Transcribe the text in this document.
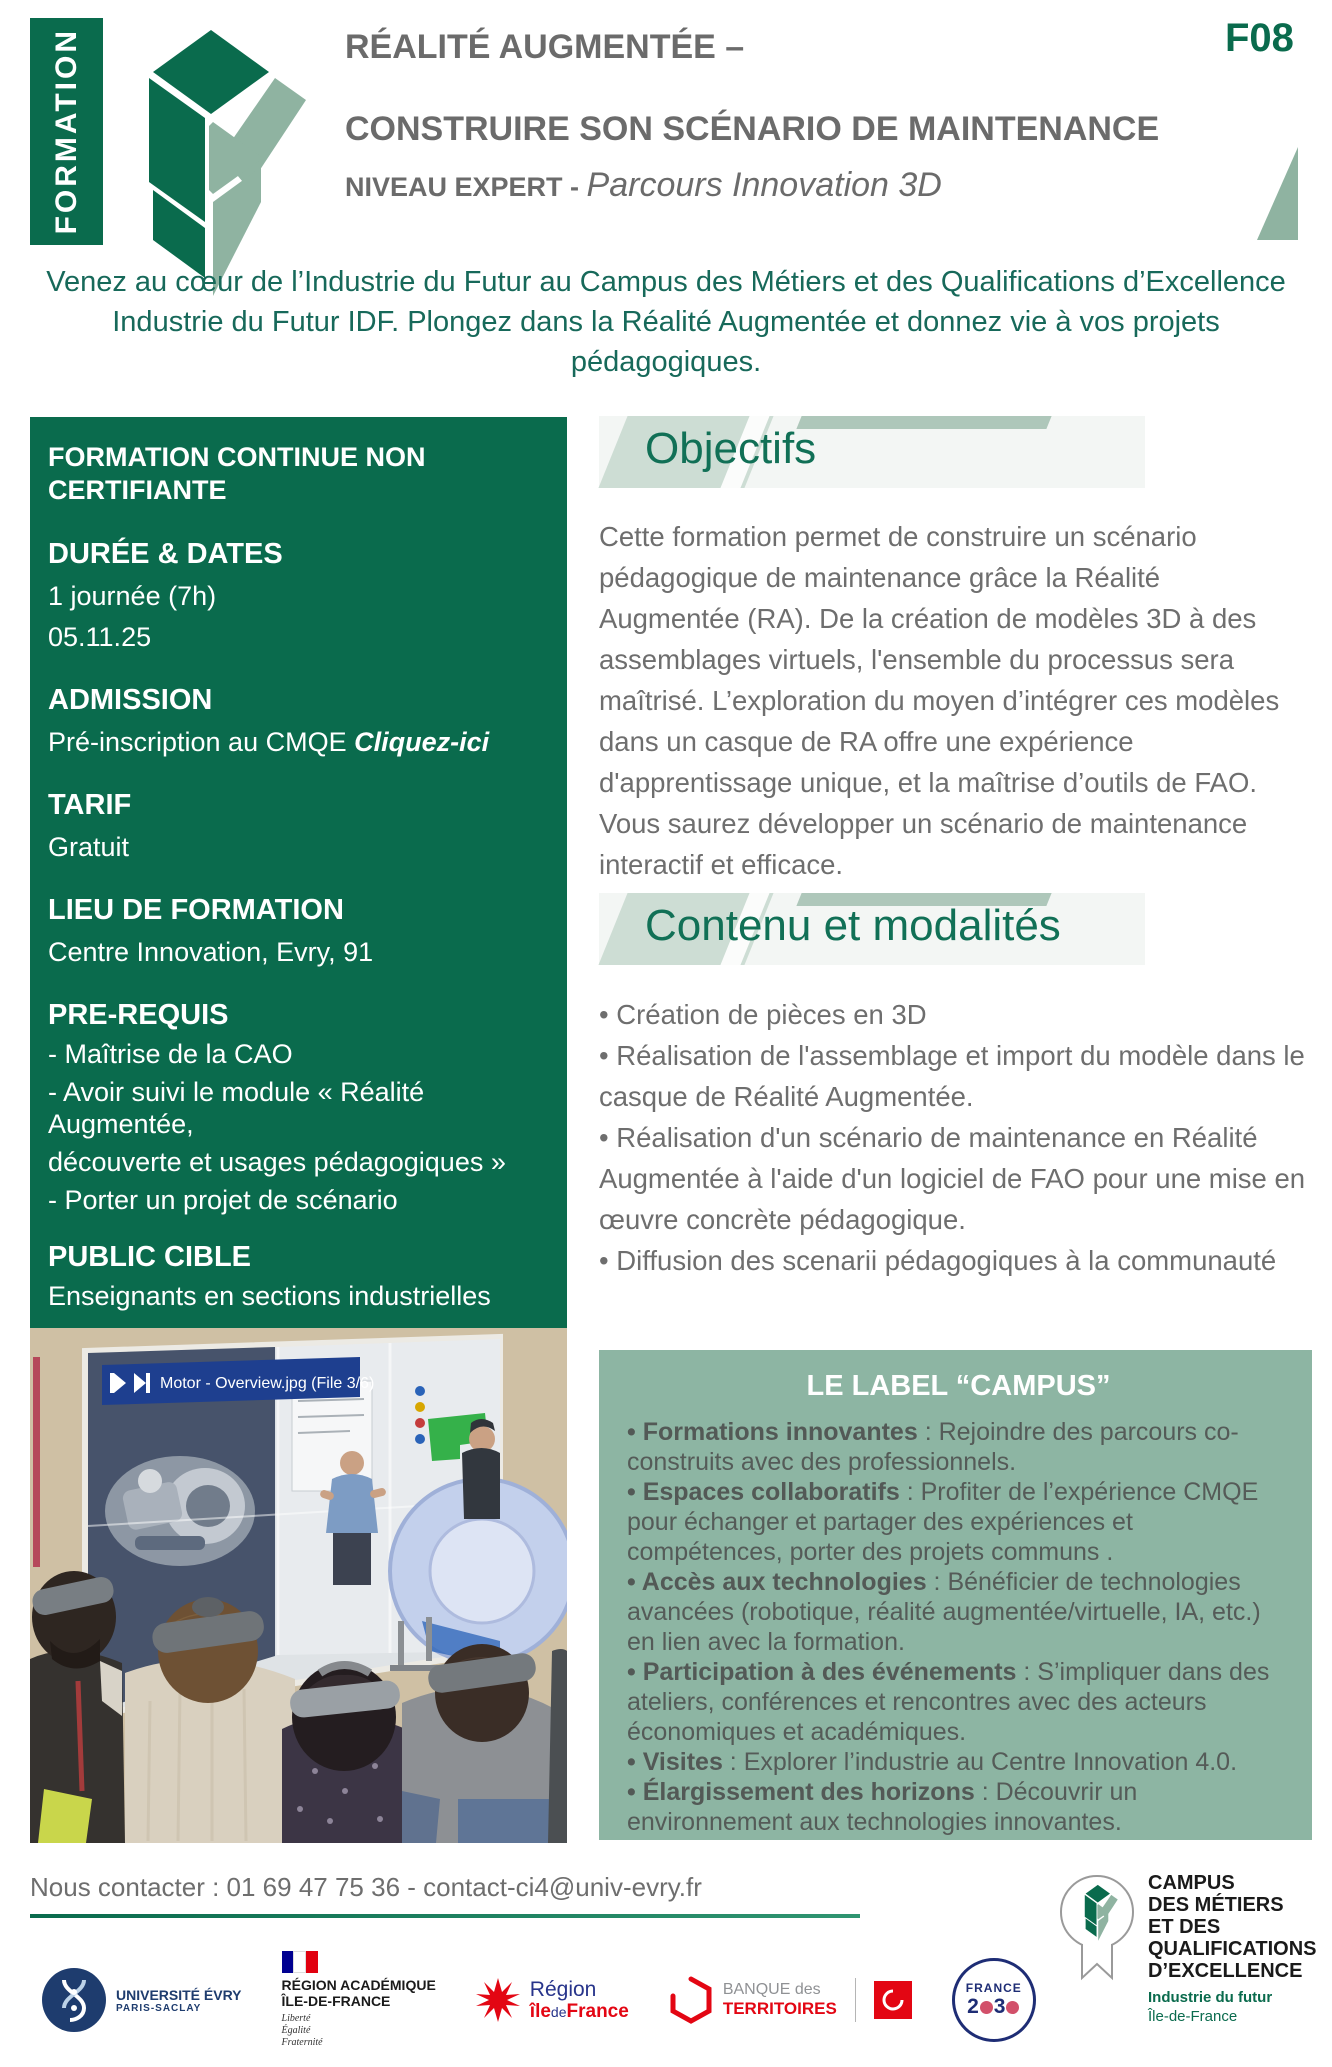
FORMATION	RÉALITÉ AUGMENTÉE –
CONSTRUIRE SON SCÉNARIO DE MAINTENANCE
NIVEAU EXPERT - Parcours Innovation 3D
F08
Venez au cœur de l’Industrie du Futur au Campus des Métiers et des Qualifications d’Excellence
Industrie du Futur IDF. Plongez dans la Réalité Augmentée et donnez vie à vos projets pédagogiques.
FORMATION CONTINUE NON CERTIFIANTE
DURÉE & DATES
1 journée (7h)
05.11.25
ADMISSION
Pré-inscription au CMQE Cliquez-ici
TARIF
Gratuit
LIEU DE FORMATION
Centre Innovation, Evry, 91
PRE-REQUIS
- Maîtrise de la CAO
- Avoir suivi le module « Réalité Augmentée,
découverte et usages pédagogiques »
- Porter un projet de scénario
PUBLIC CIBLE
Enseignants en sections industrielles
Motor - Overview.jpg (File 3/6)
Objectifs

Cette formation permet de construire un scénario pédagogique de maintenance grâce la Réalité Augmentée (RA). De la création de modèles 3D à des assemblages virtuels, l'ensemble du processus sera maîtrisé. L’exploration du moyen d’intégrer ces modèles dans un casque de RA offre une expérience d'apprentissage unique, et la maîtrise d’outils de FAO. Vous saurez développer un scénario de maintenance interactif et efficace.

Contenu et modalités

• Création de pièces en 3D

• Réalisation de l'assemblage et import du modèle dans le casque de Réalité Augmentée.

• Réalisation d'un scénario de maintenance en Réalité Augmentée à l'aide d'un logiciel de FAO pour une mise en œuvre concrète pédagogique.

• Diffusion des scenarii pédagogiques à la communauté

LE LABEL “CAMPUS”

• Formations innovantes : Rejoindre des parcours co-construits avec des professionnels.

• Espaces collaboratifs : Profiter de l’expérience CMQE pour échanger et partager des expériences et compétences, porter des projets communs .

• Accès aux technologies : Bénéficier de technologies avancées (robotique, réalité augmentée/virtuelle, IA, etc.) en lien avec la formation.

• Participation à des événements : S’impliquer dans des ateliers, conférences et rencontres avec des acteurs économiques et académiques.

• Visites : Explorer l’industrie au Centre Innovation 4.0.

• Élargissement des horizons : Découvrir un environnement aux technologies innovantes.

Nous contacter : 01 69 47 75 36 - contact-ci4@univ-evry.fr
UNIVERSITÉ ÉVRY
PARIS-SACLAY
RÉGION ACADÉMIQUE
ÎLE-DE-FRANCE
Liberté
Égalité
Fraternité
Région
îledeFrance
BANQUE des
TERRITOIRES
FRANCE
2 3
CAMPUS
DES MÉTIERS
ET DES
QUALIFICATIONS
D’EXCELLENCE
Industrie du futur
Île-de-France
